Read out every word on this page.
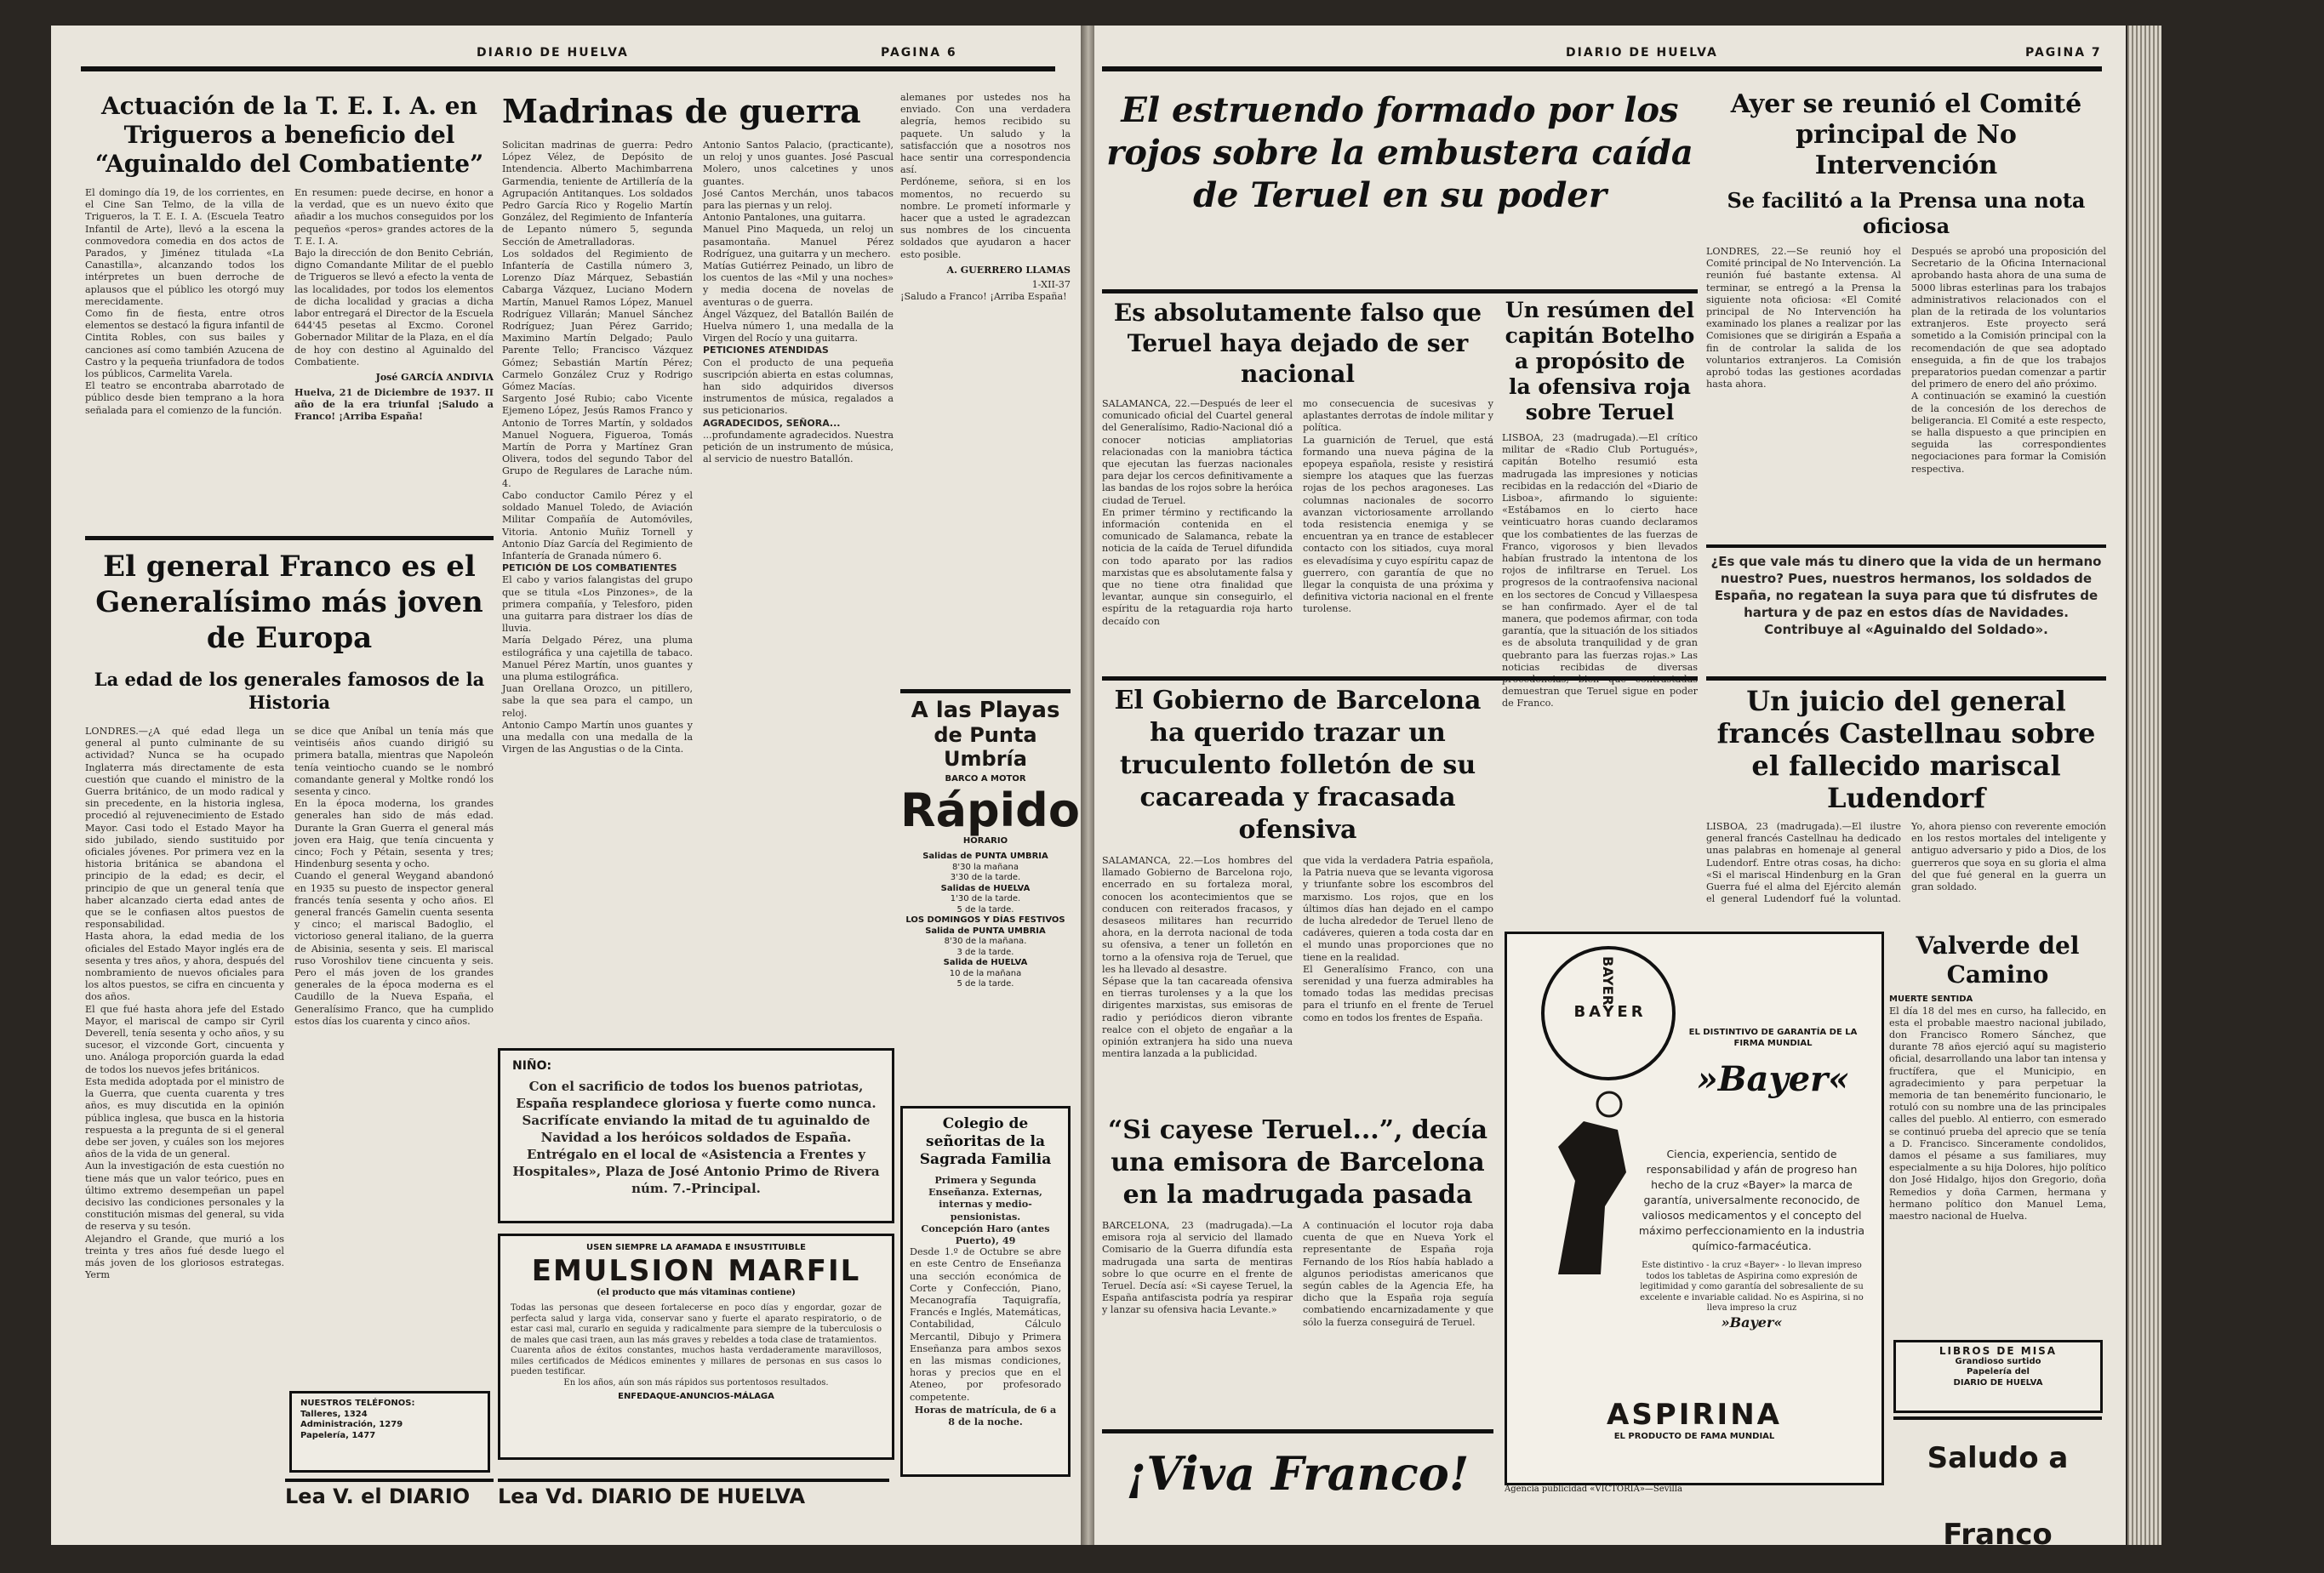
DIARIO DE HUELVA	PAGINA 6
Actuación de la T. E. I. A. en Trigueros a beneficio del “Aguinaldo del Combatiente”

El domingo día 19, de los corrientes, en el Cine San Telmo, de la villa de Trigueros, la T. E. I. A. (Escuela Teatro Infantil de Arte), llevó a la escena la conmovedora comedia en dos actos de Parados, y Jiménez titulada «La Canastilla», alcanzando todos los intérpretes un buen derroche de aplausos que el público les otorgó muy merecidamente.

Como fin de fiesta, entre otros elementos se destacó la figura infantil de Cintita Robles, con sus bailes y canciones así como también Azucena de Castro y la pequeña triunfadora de todos los públicos, Carmelita Varela.

El teatro se encontraba abarrotado de público desde bien temprano a la hora señalada para el comienzo de la función.

En resumen: puede decirse, en honor a la verdad, que es un nuevo éxito que añadir a los muchos conseguidos por los pequeños «peros» grandes actores de la T. E. I. A.

Bajo la dirección de don Benito Cebrián, digno Comandante Militar de el pueblo de Trigueros se llevó a efecto la venta de las localidades, por todos los elementos de dicha localidad y gracias a dicha labor entregará el Director de la Escuela 644'45 pesetas al Excmo. Coronel Gobernador Militar de la Plaza, en el día de hoy con destino al Aguinaldo del Combatiente.

José GARCÍA ANDIVIA

Huelva, 21 de Diciembre de 1937. II año de la era triunfal ¡Saludo a Franco! ¡Arriba España!

El general Franco es el Generalísimo más joven de Europa
La edad de los generales famosos de la Historia

LONDRES.—¿A qué edad llega un general al punto culminante de su actividad? Nunca se ha ocupado Inglaterra más directamente de esta cuestión que cuando el ministro de la Guerra británico, de un modo radical y sin precedente, en la historia inglesa, procedió al rejuvenecimiento de Estado Mayor. Casi todo el Estado Mayor ha sido jubilado, siendo sustituido por oficiales jóvenes. Por primera vez en la historia británica se abandona el principio de la edad; es decir, el principio de que un general tenía que haber alcanzado cierta edad antes de que se le confiasen altos puestos de responsabilidad.

Hasta ahora, la edad media de los oficiales del Estado Mayor inglés era de sesenta y tres años, y ahora, después del nombramiento de nuevos oficiales para los altos puestos, se cifra en cincuenta y dos años.

El que fué hasta ahora jefe del Estado Mayor, el mariscal de campo sir Cyril Deverell, tenía sesenta y ocho años, y su sucesor, el vizconde Gort, cincuenta y uno. Análoga proporción guarda la edad de todos los nuevos jefes británicos.

Esta medida adoptada por el ministro de la Guerra, que cuenta cuarenta y tres años, es muy discutida en la opinión pública inglesa, que busca en la historia respuesta a la pregunta de si el general debe ser joven, y cuáles son los mejores años de la vida de un general.

Aun la investigación de esta cuestión no tiene más que un valor teórico, pues en último extremo desempeñan un papel decisivo las condiciones personales y la constitución mismas del general, su vida de reserva y su tesón.

Alejandro el Grande, que murió a los treinta y tres años fué desde luego el más joven de los gloriosos estrategas. Yerm

se dice que Aníbal un tenía más que veintiséis años cuando dirigió su primera batalla, mientras que Napoleón tenía veintiocho cuando se le nombró comandante general y Moltke rondó los sesenta y cinco.

En la época moderna, los grandes generales han sido de más edad. Durante la Gran Guerra el general más joven era Haig, que tenía cincuenta y cinco; Foch y Pétain, sesenta y tres; Hindenburg sesenta y ocho.

Cuando el general Weygand abandonó en 1935 su puesto de inspector general francés tenía sesenta y ocho años. El general francés Gamelin cuenta sesenta y cinco; el mariscal Badoglio, el victorioso general italiano, de la guerra de Abisinia, sesenta y seis. El mariscal ruso Voroshilov tiene cincuenta y seis. Pero el más joven de los grandes generales de la época moderna es el Caudillo de la Nueva España, el Generalísimo Franco, que ha cumplido estos días los cuarenta y cinco años.

Madrinas de guerra

Solicitan madrinas de guerra: Pedro López Vélez, de Depósito de Intendencia. Alberto Machimbarrena Garmendia, teniente de Artillería de la Agrupación Antitanques. Los soldados Pedro García Rico y Rogelio Martín González, del Regimiento de Infantería de Lepanto número 5, segunda Sección de Ametralladoras.

Los soldados del Regimiento de Infantería de Castilla número 3, Lorenzo Díaz Márquez, Sebastián Cabarga Vázquez, Luciano Modern Martín, Manuel Ramos López, Manuel Rodríguez Villarán; Manuel Sánchez Rodríguez; Juan Pérez Garrido; Maximino Martín Delgado; Paulo Parente Tello; Francisco Vázquez Gómez; Sebastián Martín Pérez; Carmelo González Cruz y Rodrigo Gómez Macías.

Sargento José Rubio; cabo Vicente Ejemeno López, Jesús Ramos Franco y Antonio de Torres Martín, y soldados Manuel Noguera, Figueroa, Tomás Martín de Porra y Martínez Gran Olivera, todos del segundo Tabor del Grupo de Regulares de Larache núm. 4.

Cabo conductor Camilo Pérez y el soldado Manuel Toledo, de Aviación Militar Compañía de Automóviles, Vitoria. Antonio Muñiz Tornell y Antonio Díaz García del Regimiento de Infantería de Granada número 6.

PETICIÓN DE LOS COMBATIENTES

El cabo y varios falangistas del grupo que se titula «Los Pinzones», de la primera compañía, y Telesforo, piden una guitarra para distraer los días de lluvia.

María Delgado Pérez, una pluma estilográfica y una cajetilla de tabaco. Manuel Pérez Martín, unos guantes y una pluma estilográfica.

Juan Orellana Orozco, un pitillero, sabe la que sea para el campo, un reloj.

Antonio Campo Martín unos guantes y una medalla con una medalla de la Virgen de las Angustias o de la Cinta.

Antonio Santos Palacio, (practicante), un reloj y unos guantes. José Pascual Molero, unos calcetines y unos guantes.

José Cantos Merchán, unos tabacos para las piernas y un reloj.

Antonio Pantalones, una guitarra.

Manuel Pino Maqueda, un reloj un pasamontaña. Manuel Pérez Rodríguez, una guitarra y un mechero.

Matías Gutiérrez Peinado, un libro de los cuentos de las «Mil y una noches» y media docena de novelas de aventuras o de guerra.

Ángel Vázquez, del Batallón Bailén de Huelva número 1, una medalla de la Virgen del Rocío y una guitarra.

PETICIONES ATENDIDAS

Con el producto de una pequeña suscripción abierta en estas columnas, han sido adquiridos diversos instrumentos de música, regalados a sus peticionarios.

AGRADECIDOS, SEÑORA...

...profundamente agradecidos. Nuestra petición de un instrumento de música, al servicio de nuestro Batallón.

alemanes por ustedes nos ha enviado. Con una verdadera alegría, hemos recibido su paquete. Un saludo y la satisfacción que a nosotros nos hace sentir una correspondencia así.

Perdóneme, señora, si en los momentos, no recuerdo su nombre. Le prometí informarle y hacer que a usted le agradezcan sus nombres de los cincuenta soldados que ayudaron a hacer esto posible.

A. GUERRERO LLAMAS

1-XII-37

¡Saludo a Franco! ¡Arriba España!

A las Playas
de Punta Umbría
BARCO A MOTOR
Rápido
HORARIO
Salidas de PUNTA UMBRIA
8'30 la mañana
3'30 de la tarde.
Salidas de HUELVA
1'30 de la tarde.
5 de la tarde.
LOS DOMINGOS Y DÍAS FESTIVOS
Salida de PUNTA UMBRIA
8'30 de la mañana.
3 de la tarde.
Salida de HUELVA
10 de la mañana
5 de la tarde.
Colegio de señoritas de la Sagrada Familia

Primera y Segunda Enseñanza. Externas, internas y medio-pensionistas.

Concepción Haro (antes Puerto), 49

Desde 1.º de Octubre se abre en este Centro de Enseñanza una sección económica de Corte y Confección, Piano, Mecanografía Taquigrafía, Francés e Inglés, Matemáticas, Contabilidad, Cálculo Mercantil, Dibujo y Primera Enseñanza para ambos sexos en las mismas condiciones, horas y precios que en el Ateneo, por profesorado competente.

Horas de matrícula, de 6 a 8 de la noche.

NIÑO:

Con el sacrificio de todos los buenos patriotas, España resplandece gloriosa y fuerte como nunca. Sacrifícate enviando la mitad de tu aguinaldo de Navidad a los heróicos soldados de España. Entrégalo en el local de «Asistencia a Frentes y Hospitales», Plaza de José Antonio Primo de Rivera núm. 7.-Principal.

USEN SIEMPRE LA AFAMADA E INSUSTITUIBLE
EMULSION MARFIL
(el producto que más vitaminas contiene)

Todas las personas que deseen fortalecerse en poco días y engordar, gozar de perfecta salud y larga vida, conservar sano y fuerte el aparato respiratorio, o de estar casi mal, curarlo en seguida y radicalmente para siempre de la tuberculosis o de males que casi traen, aun las más graves y rebeldes a toda clase de tratamientos.

Cuarenta años de éxitos constantes, muchos hasta verdaderamente maravillosos, miles certificados de Médicos eminentes y millares de personas en sus casos lo pueden testificar.

En los años, aún son más rápidos sus portentosos resultados.

ENFEDAQUE-ANUNCIOS-MÁLAGA
NUESTROS TELÉFONOS:
Talleres, 1324
Administración, 1279
Papelería, 1477
Lea V. el DIARIO	Lea Vd. DIARIO DE HUELVA
DIARIO DE HUELVA	PAGINA 7
El estruendo formado por los rojos sobre la embustera caída de Teruel en su poder
Es absolutamente falso que Teruel haya dejado de ser nacional

SALAMANCA, 22.—Después de leer el comunicado oficial del Cuartel general del Generalísimo, Radio-Nacional dió a conocer noticias ampliatorias relacionadas con la maniobra táctica que ejecutan las fuerzas nacionales para dejar los cercos definitivamente a las bandas de los rojos sobre la heróica ciudad de Teruel.

En primer término y rectificando la información contenida en el comunicado de Salamanca, rebate la noticia de la caída de Teruel difundida con todo aparato por las radios marxistas que es absolutamente falsa y que no tiene otra finalidad que levantar, aunque sin conseguirlo, el espíritu de la retaguardia roja harto decaído con

mo consecuencia de sucesivas y aplastantes derrotas de índole militar y política.

La guarnición de Teruel, que está formando una nueva página de la epopeya española, resiste y resistirá siempre los ataques que las fuerzas rojas de los pechos aragoneses. Las columnas nacionales de socorro avanzan victoriosamente arrollando toda resistencia enemiga y se encuentran ya en trance de establecer contacto con los sitiados, cuya moral es elevadísima y cuyo espíritu capaz de guerrero, con garantía de que no llegar la conquista de una próxima y definitiva victoria nacional en el frente turolense.

Un resúmen del capitán Botelho a propósito de la ofensiva roja sobre Teruel

LISBOA, 23 (madrugada).—El crítico militar de «Radio Club Portugués», capitán Botelho resumió esta madrugada las impresiones y noticias recibidas en la redacción del «Diario de Lisboa», afirmando lo siguiente: «Estábamos en lo cierto hace veinticuatro horas cuando declaramos que los combatientes de las fuerzas de Franco, vigorosos y bien llevados habían frustrado la intentona de los rojos de infiltrarse en Teruel. Los progresos de la contraofensiva nacional en los sectores de Concud y Villaespesa se han confirmado. Ayer el de tal manera, que podemos afirmar, con toda garantía, que la situación de los sitiados es de absoluta tranquilidad y de gran quebranto para las fuerzas rojas.» Las noticias recibidas de diversas demuestran que Teruel sigue en poder de Franco.

El Gobierno de Barcelona ha querido trazar un truculento folletón de su cacareada y fracasada ofensiva

SALAMANCA, 22.—Los hombres del llamado Gobierno de Barcelona rojo, encerrado en su fortaleza moral, conocen los acontecimientos que se conducen con reiterados fracasos, y desaseos militares han recurrido ahora, en la derrota nacional de toda su ofensiva, a tener un folletón en torno a la ofensiva roja de Teruel, que les ha llevado al desastre.

Sépase que la tan cacareada ofensiva en tierras turolenses y a la que los dirigentes marxistas, sus emisoras de radio y periódicos dieron vibrante realce con el objeto de engañar a la opinión extranjera ha sido una nueva mentira lanzada a la publicidad.

que vida la verdadera Patria española, la Patria nueva que se levanta vigorosa y triunfante sobre los escombros del marxismo. Los rojos, que en los últimos días han dejado en el campo de lucha alrededor de Teruel lleno de cadáveres, quieren a toda costa dar en el mundo unas proporciones que no tiene en la realidad.

El Generalísimo Franco, con una serenidad y una fuerza admirables ha tomado todas las medidas precisas para el triunfo en el frente de Teruel como en todos los frentes de España.

“Si cayese Teruel...”, decía una emisora de Barcelona en la madrugada pasada

BARCELONA, 23 (madrugada).—La emisora roja al servicio del llamado Comisario de la Guerra difundía esta madrugada una sarta de mentiras sobre lo que ocurre en el frente de Teruel. Decía así: «Si cayese Teruel, la España antifascista podría ya respirar y lanzar su ofensiva hacia Levante.»

A continuación el locutor roja daba cuenta de que en Nueva York el representante de España roja Fernando de los Ríos había hablado a algunos periodistas americanos que según cables de la Agencia Efe, ha dicho que la España roja seguía combatiendo encarnizadamente y que sólo la fuerza conseguirá de Teruel.

¡Viva Franco!
Ayer se reunió el Comité principal de No Intervención
Se facilitó a la Prensa una nota oficiosa

LONDRES, 22.—Se reunió hoy el Comité principal de No Intervención. La reunión fué bastante extensa. Al terminar, se entregó a la Prensa la siguiente nota oficiosa: «El Comité principal de No Intervención ha examinado los planes a realizar por las Comisiones que se dirigirán a España a fin de controlar la salida de los voluntarios extranjeros. La Comisión aprobó todas las gestiones acordadas hasta ahora.

Después se aprobó una proposición del Secretario de la Oficina Internacional aprobando hasta ahora de una suma de 5000 libras esterlinas para los trabajos administrativos relacionados con el plan de la retirada de los voluntarios extranjeros. Este proyecto será sometido a la Comisión principal con la recomendación de que sea adoptado enseguida, a fin de que los trabajos preparatorios puedan comenzar a partir del primero de enero del año próximo.

A continuación se examinó la cuestión de la concesión de los derechos de beligerancia. El Comité a este respecto, se halla dispuesto a que principien en seguida las correspondientes negociaciones para formar la Comisión respectiva.

¿Es que vale más tu dinero que la vida de un hermano nuestro? Pues, nuestros hermanos, los soldados de España, no regatean la suya para que tú disfrutes de hartura y de paz en estos días de Navidades. Contribuye al «Aguinaldo del Soldado».

Un juicio del general francés Castellnau sobre el fallecido mariscal Ludendorf

LISBOA, 23 (madrugada).—El ilustre general francés Castellnau ha dedicado unas palabras en homenaje al general Ludendorf. Entre otras cosas, ha dicho: «Si el mariscal Hindenburg en la Gran Guerra fué el alma del Ejército alemán el general Ludendorf fué la voluntad. Yo, ahora pienso con reverente emoción en los restos mortales del inteligente y antiguo adversario y pido a Dios, de los guerreros que soya en su gloria el alma del que fué general en la guerra un gran soldado.

BAYER
BAYER
EL DISTINTIVO DE GARANTÍA DE LA FIRMA MUNDIAL
»Bayer«

Ciencia, experiencia, sentido de responsabilidad y afán de progreso han hecho de la cruz «Bayer» la marca de garantía, universalmente reconocido, de valiosos medicamentos y el concepto del máximo perfeccionamiento en la industria químico-farmacéutica.

Este distintivo - la cruz «Bayer» - lo llevan impreso todos los tabletas de Aspirina como expresión de legitimidad y como garantía del sobresaliente de su excelente e invariable calidad. No es Aspirina, si no lleva impreso la cruz

»Bayer«
ASPIRINA
EL PRODUCTO DE FAMA MUNDIAL
Agencia publicidad «VICTORIA»—Sevilla
Valverde del Camino
MUERTE SENTIDA

El día 18 del mes en curso, ha fallecido, en esta el probable maestro nacional jubilado, don Francisco Romero Sánchez, que durante 78 años ejerció aquí su magisterio oficial, desarrollando una labor tan intensa y fructífera, que el Municipio, en agradecimiento y para perpetuar la memoria de tan benemérito funcionario, le rotuló con su nombre una de las principales calles del pueblo. Al entierro, con esmerado se continuó prueba del aprecio que se tenía a D. Francisco. Sinceramente condolidos, damos el pésame a sus familiares, muy especialmente a su hija Dolores, hijo político don José Hidalgo, hijos don Gregorio, doña Remedios y doña Carmen, hermana y hermano político don Manuel Lema, maestro nacional de Huelva.

LIBROS DE MISA
Grandioso surtido
Papelería del
DIARIO DE HUELVA
Saludo a Franco
